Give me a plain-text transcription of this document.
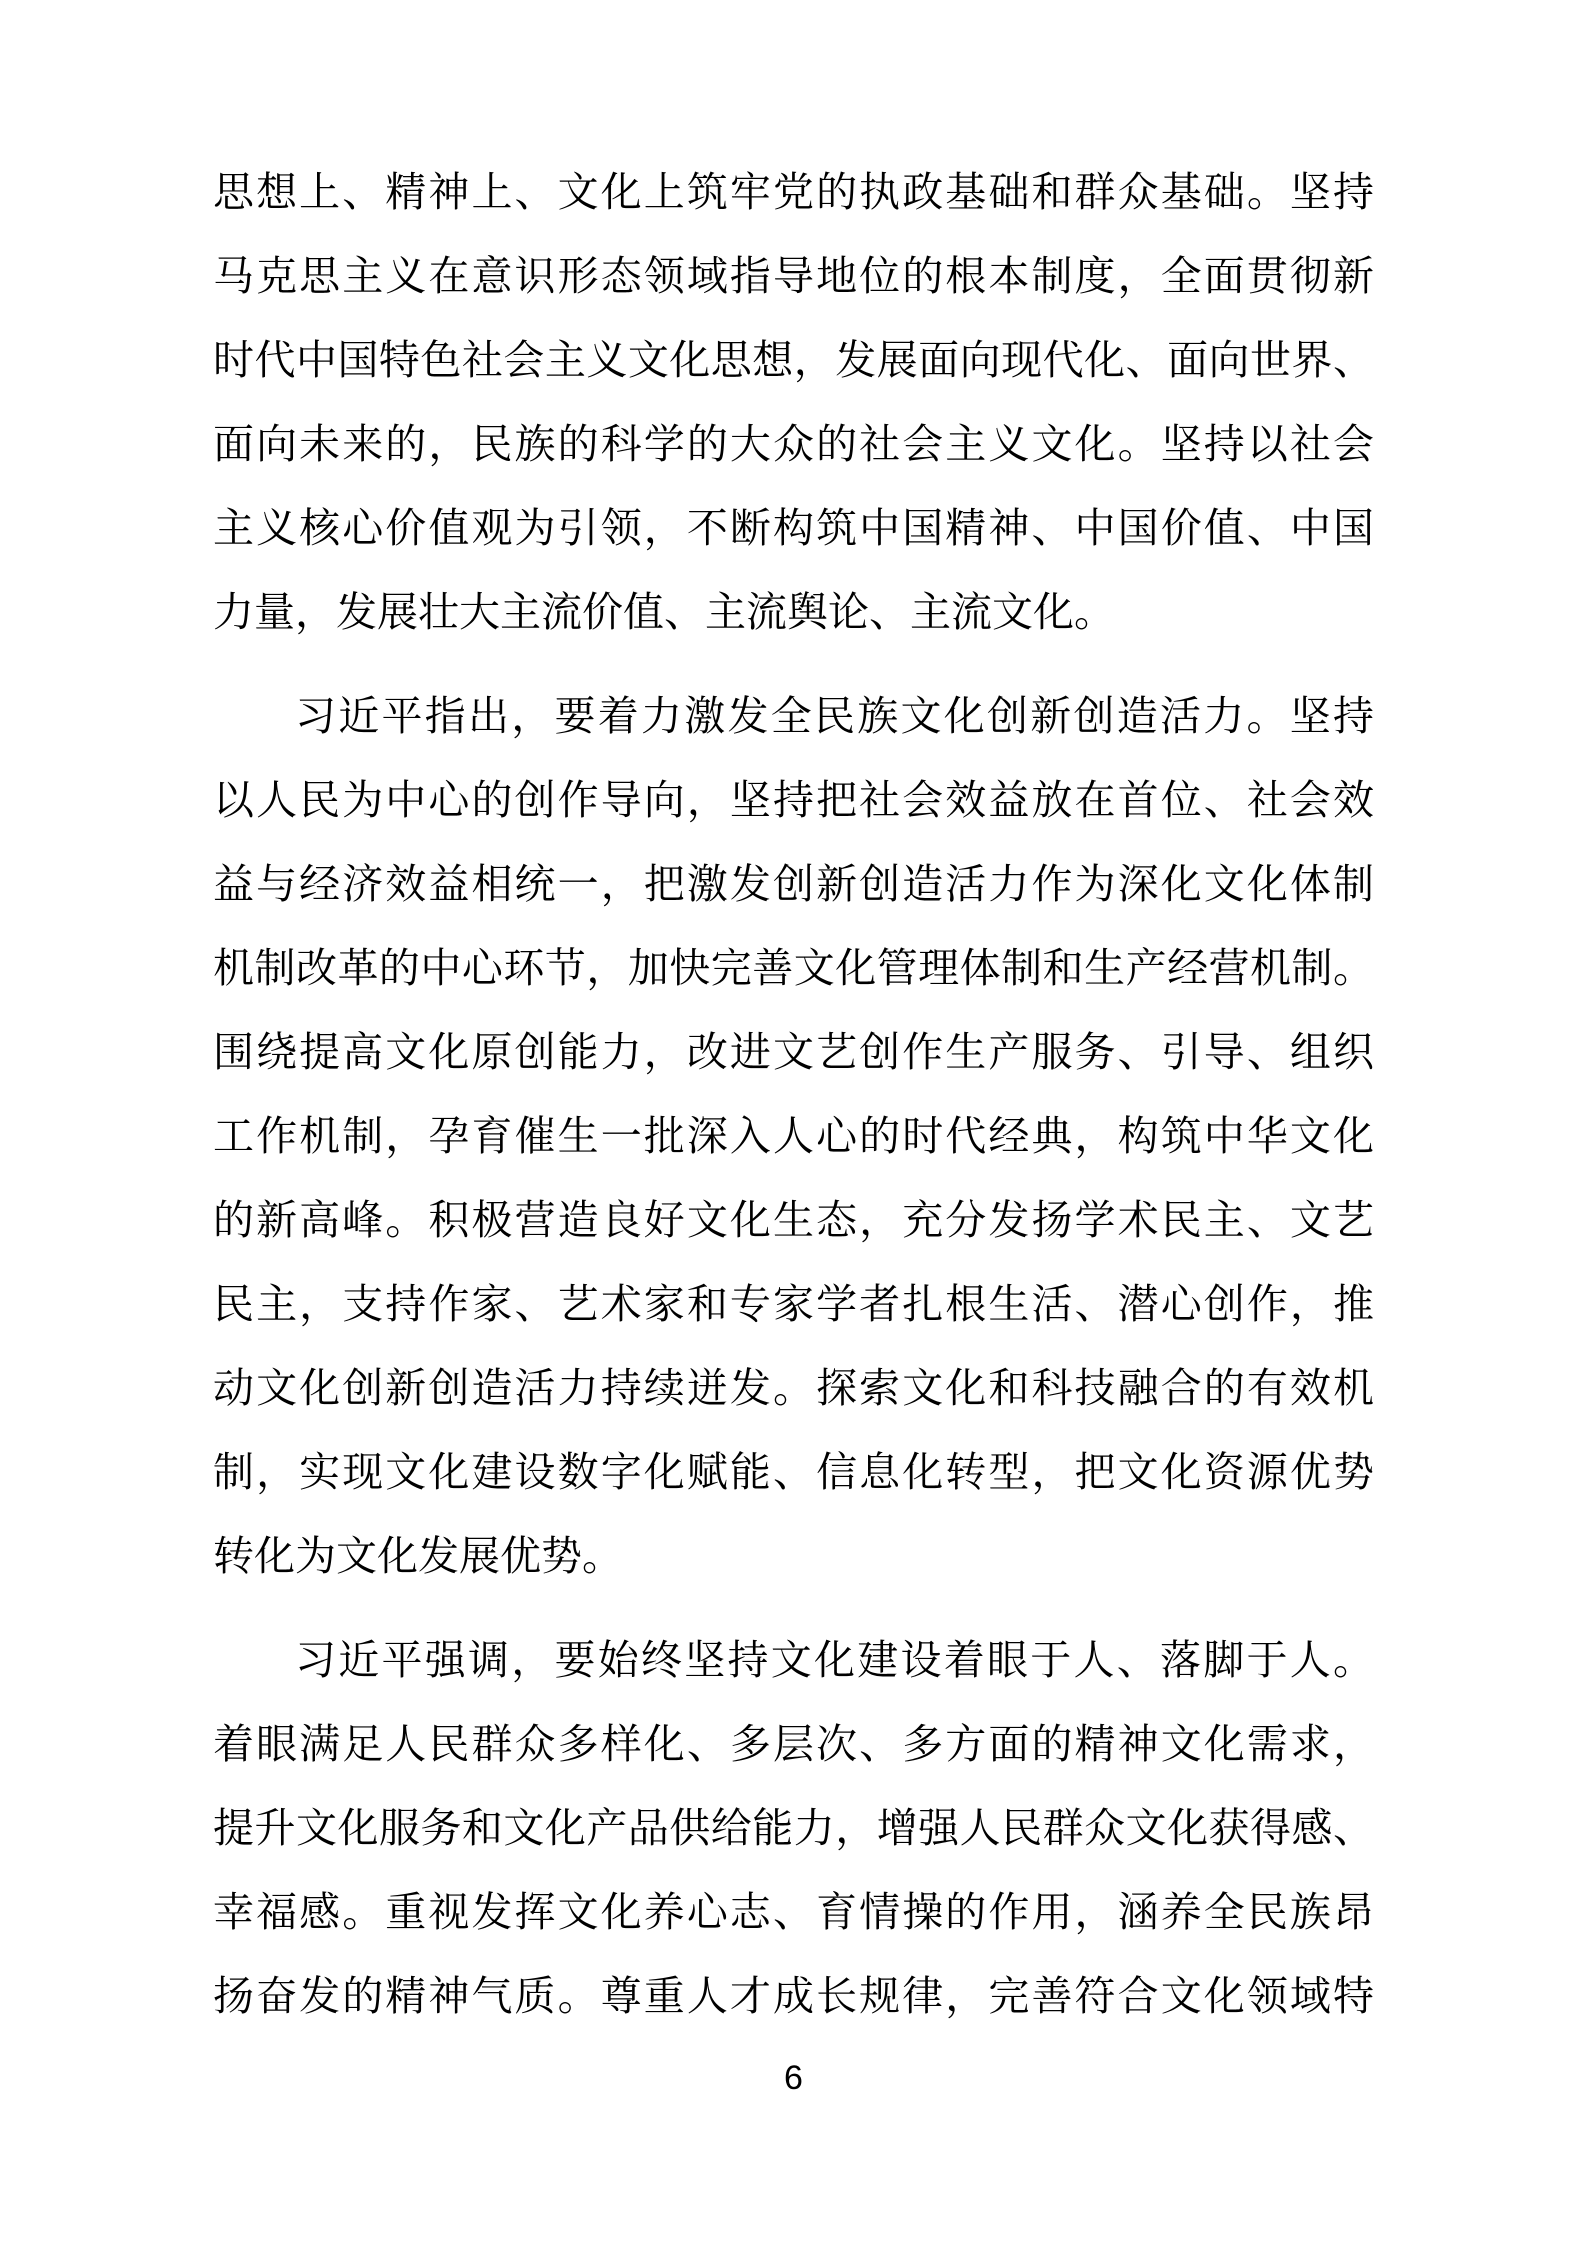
思想上、精神上、文化上筑牢党的执政基础和群众基础。坚持
马克思主义在意识形态领域指导地位的根本制度，全面贯彻新
时代中国特色社会主义文化思想，发展面向现代化、面向世界、
面向未来的，民族的科学的大众的社会主义文化。坚持以社会
主义核心价值观为引领，不断构筑中国精神、中国价值、中国
力量，发展壮大主流价值、主流舆论、主流文化。
习近平指出，要着力激发全民族文化创新创造活力。坚持
以人民为中心的创作导向，坚持把社会效益放在首位、社会效
益与经济效益相统一，把激发创新创造活力作为深化文化体制
机制改革的中心环节，加快完善文化管理体制和生产经营机制。
围绕提高文化原创能力，改进文艺创作生产服务、引导、组织
工作机制，孕育催生一批深入人心的时代经典，构筑中华文化
的新高峰。积极营造良好文化生态，充分发扬学术民主、文艺
民主，支持作家、艺术家和专家学者扎根生活、潜心创作，推
动文化创新创造活力持续迸发。探索文化和科技融合的有效机
制，实现文化建设数字化赋能、信息化转型，把文化资源优势
转化为文化发展优势。
习近平强调，要始终坚持文化建设着眼于人、落脚于人。
着眼满足人民群众多样化、多层次、多方面的精神文化需求，
提升文化服务和文化产品供给能力，增强人民群众文化获得感、
幸福感。重视发挥文化养心志、育情操的作用，涵养全民族昂
扬奋发的精神气质。尊重人才成长规律，完善符合文化领域特
6
